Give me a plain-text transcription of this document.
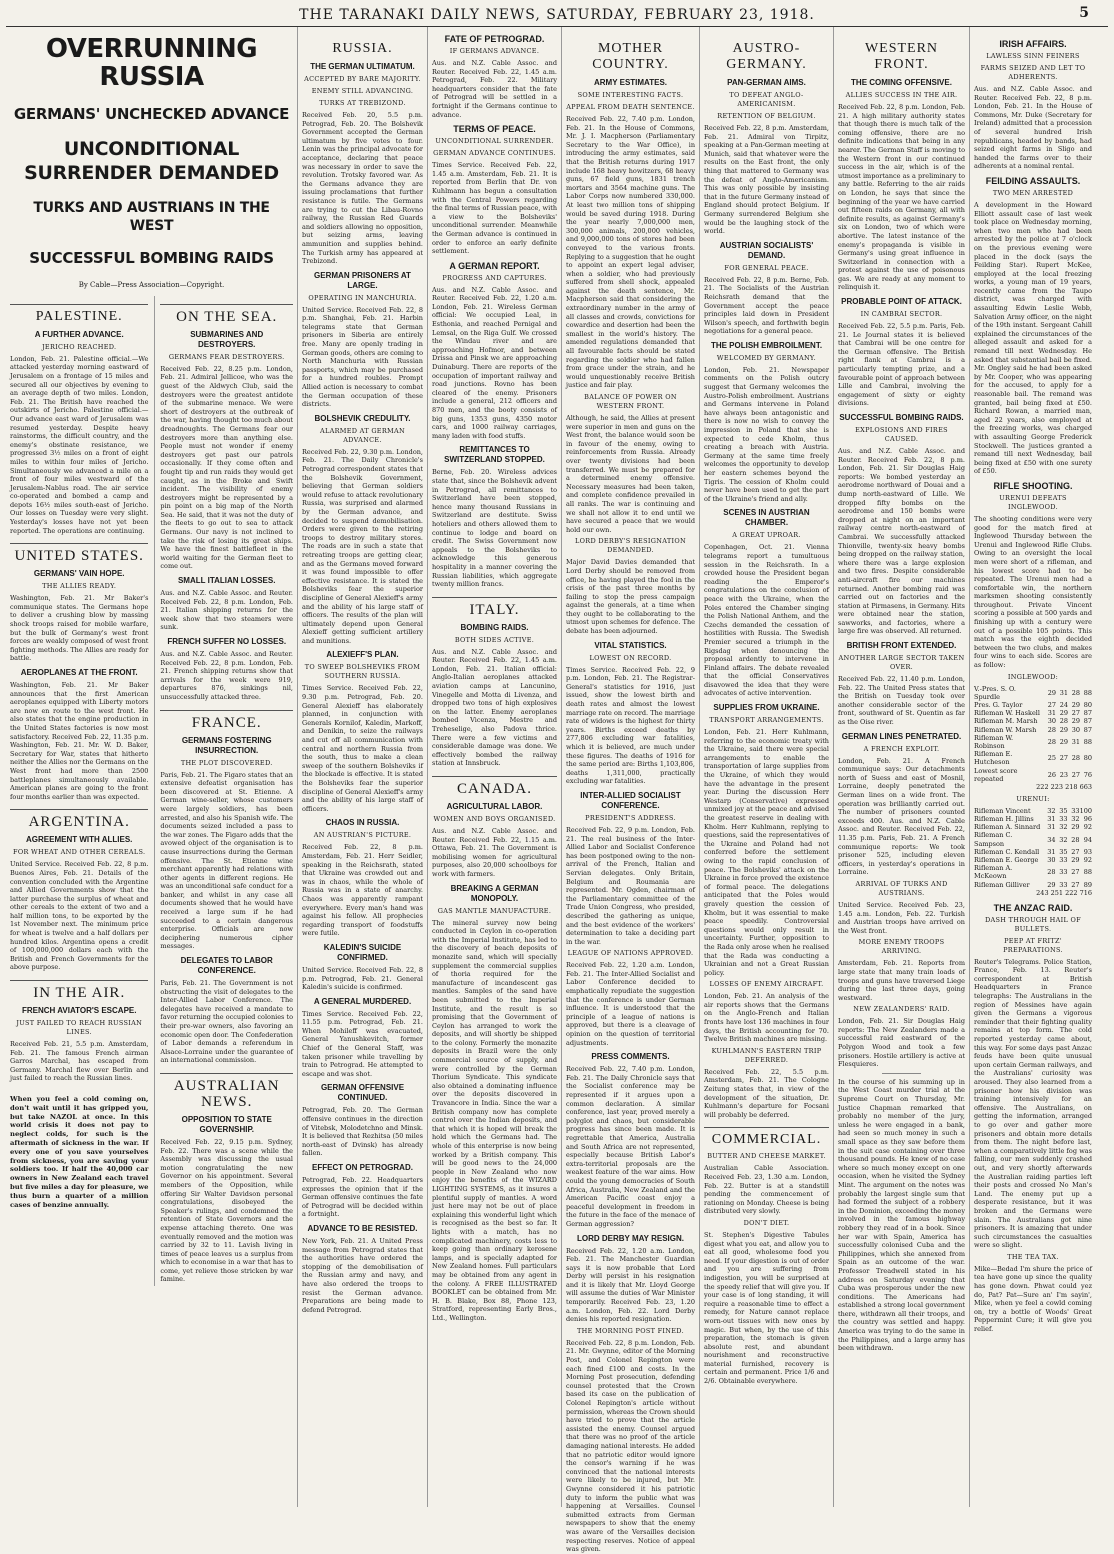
THE TARANAKI DAILY NEWS, SATURDAY, FEBRUARY 23, 1918.	5
OVERRUNNING RUSSIA
GERMANS' UNCHECKED ADVANCE
UNCONDITIONAL SURRENDER DEMANDED
TURKS AND AUSTRIANS IN THE WEST
SUCCESSFUL BOMBING RAIDS
By Cable—Press Association—Copyright.
PALESTINE.
A FURTHER ADVANCE.
JERICHO REACHED.
London, Feb. 21. Palestine official.—We attacked yesterday morning eastward of Jerusalem on a frontage of 15 miles and secured all our objectives by evening to an average depth of two miles. London, Feb. 21. The British have reached the outskirts of Jericho. Palestine official.—Our advance east ward of Jerusalem was resumed yesterday. Despite heavy rainstorms, the difficult country, and the enemy's obstinate resistance, we progressed 3½ miles on a front of eight miles to within four miles of Jericho. Simultaneously we advanced a mile on a front of four miles westward of the Jerusalem-Nablus road. The air service co-operated and bombed a camp and depots 16½ miles south-east of Jericho. Our losses on Tuesday were very slight. Yesterday's losses have not yet been reported. The operations are continuing.
UNITED STATES.
GERMANS' VAIN HOPE.
THE ALLIES READY.
Washington, Feb. 21. Mr Baker's communique states. The Germans hope to deliver a crushing blow by massing shock troops raised for mobile warfare, but the bulk of Germany's west front forces are weakly composed of west front fighting methods. The Allies are ready for battle.
AEROPLANES AT THE FRONT.
Washington, Feb. 21. Mr Baker announces that the first American aeroplanes equipped with Liberty motors are now en route to the west front. He also states that the engine production in the United States factories is now most satisfactory. Received Feb. 22, 11.35 p.m. Washington, Feb. 21. Mr. W. D. Baker, Secretary for War, states that hitherto neither the Allies nor the Germans on the West front had more than 2500 battleplanes simultaneously available. American planes are going to the front four months earlier than was expected.
ARGENTINA.
AGREEMENT WITH ALLIES.
FOR WHEAT AND OTHER CEREALS.
United Service. Received Feb. 22, 8 p.m. Buenos Aires, Feb. 21. Details of the convention concluded with the Argentine and Allied Governments show that the latter purchase the surplus of wheat and other cereals to the extent of two and a half million tons, to be exported by the 1st November next. The minimum price for wheat is twelve and a half dollars per hundred kilos. Argentina opens a credit of 100,000,000 dollars each with the British and French Governments for the above purpose.
IN THE AIR.
FRENCH AVIATOR'S ESCAPE.
JUST FAILED TO REACH RUSSIAN LINES.
Received Feb. 21, 5.5 p.m. Amsterdam, Feb. 21. The famous French airman Garros Marchal, has escaped from Germany. Marchal flew over Berlin and just failed to reach the Russian lines.
When you feel a cold coming on, don't wait until it has gripped you, but take NAZOL at once. In this world crisis it does not pay to neglect colds, for such is the aftermath of sickness in the war. If every one of you save yourselves from sickness, you are saving your soldiers too. If half the 40,000 car owners in New Zealand each travel but five miles a day for pleasure, we thus burn a quarter of a million cases of benzine annually.
ON THE SEA.
SUBMARINES AND DESTROYERS.
GERMANS FEAR DESTROYERS.
Received Feb. 22, 8.25 p.m. London, Feb. 21. Admiral Jellicoe, who was the guest of the Aldwych Club, said the destroyers were the greatest antidote of the submarine menace. We were short of destroyers at the outbreak of the war, having thought too much about dreadnoughts. The Germans fear our destroyers more than anything else. People must not wonder if enemy destroyers get past our patrols occasionally. If they come often and fought tip and run raids they would get caught, as in the Broke and Swift incident. The visibility of enemy destroyers might be represented by a pin point on a big map of the North Sea. He said, that it was not the duty of the fleets to go out to sea to attack Germans. Our navy is not inclined to take the risk of losing its great ships. We have the finest battlefleet in the world waiting for the German fleet to come out.
SMALL ITALIAN LOSSES.
Aus. and N.Z. Cable Assoc. and Reuter. Received Feb. 22, 8 p.m. London, Feb. 21. Italian shipping returns for the week show that two steamers were sunk.
FRENCH SUFFER NO LOSSES.
Aus. and N.Z. Cable Assoc. and Reuter. Received Feb. 22, 8 p.m. London, Feb. 21. French shipping returns show that arrivals for the week were 919, departures 876, sinkings nil, unsuccessfully attacked three.
FRANCE.
GERMANS FOSTERING INSURRECTION.
THE PLOT DISCOVERED.
Paris, Feb. 21. The Figaro states that an extensive defeatist organisation has been discovered at St. Etienne. A German wine-seller, whose customers were largely soldiers, has been arrested, and also his Spanish wife. The documents seized included a pass to the war zones. The Figaro adds that the avowed object of the organisation is to cause insurrections during the German offensive. The St. Etienne wine merchant apparently had relations with other agents in different regions. He was an unconditional safe conduct for a banker, and whilst in any case all documents showed that he would have received a large sum if he had succeeded to a certain dangerous enterprise. Officials are now deciphering numerous cipher messages.
DELEGATES TO LABOR CONFERENCE.
Paris, Feb. 21. The Government is not obstructing the visit of delegates to the Inter-Allied Labor Conference. The delegates have received a mandate to favor returning the occupied colonies to their pre-war owners, also favoring an economic open door. The Confederation of Labor demands a referendum in Alsace-Lorraine under the guarantee of an international commission.
AUSTRALIAN NEWS.
OPPOSITION TO STATE GOVERNSHIP.
Received Feb. 22, 9.15 p.m. Sydney, Feb. 22. There was a scene while the Assembly was discussing the usual motion congratulating the new Governor on his appointment. Several members of the Opposition, while offering Sir Walter Davidson personal congratulations, disobeyed the Speaker's rulings, and condemned the retention of State Governors and the expense attaching thereto. One was eventually removed and the motion was carried by 32 to 11. Lavish living in times of peace leaves us a surplus from which to economise in a war that has to come, yet relieve those stricken by war famine.
RUSSIA.
THE GERMAN ULTIMATUM.
ACCEPTED BY BARE MAJORITY.
ENEMY STILL ADVANCING.
TURKS AT TREBIZOND.
Received Feb. 20, 5.5 p.m. Petrograd, Feb. 20. The Bolshevik Government accepted the German ultimatum by five votes to four. Lenin was the principal advocate for acceptance, declaring that peace was necessary in order to save the revolution. Trotsky favored war. As the Germans advance they are issuing proclamations that further resistance is futile. The Germans are trying to cut the Libau-Rovno railway, the Russian Red Guards and soldiers allowing no opposition, but seizing arms, leaving ammunition and supplies behind. The Turkish army has appeared at Trebizond.
GERMAN PRISONERS AT LARGE.
OPERATING IN MANCHURIA.
United Service. Received Feb. 22, 8 p.m. Shanghai, Feb. 21. Harbin telegrams state that German prisoners in Siberia are entirely free. Many are openly trading in German goods, others are coming to North Manchuria with Russian passports, which may be purchased for a hundred roubles. Prompt Allied action is necessary to combat the German occupation of these districts.
BOLSHEVIK CREDULITY.
ALARMED AT GERMAN ADVANCE.
Received Feb. 22, 9.30 p.m. London, Feb. 21. The Daily Chronicle's Petrograd correspondent states that the Bolshevik Government, believing that German soldiers would refuse to attack revolutionary Russia, was surprised and alarmed by the German advance, and decided to suspend demobilisation. Orders were given to the retiring troops to destroy military stores. The roads are in such a state that retreating troops are getting clear, and as the Germans moved forward it was found impossible to offer effective resistance. It is stated the Bolsheviks fear the superior discipline of General Alexieff's army and the ability of his large staff of officers. The results of the plan will ultimately depend upon General Alexieff getting sufficient artillery and munitions.
ALEXIEFF'S PLAN.
TO SWEEP BOLSHEVIKS FROM SOUTHERN RUSSIA.
Times Service. Received Feb. 22, 9.30 p.m. Petrograd, Feb. 20. General Alexieff has elaborately planned, in conjunction with Generals Kornilof, Kaledin, Markoff, and Denikin, to seize the railways and cut off all communication with central and northern Russia from the south, thus to make a clean sweep of the southern Bolsheviks if the blockade is effective. It is stated the Bolsheviks fear the superior discipline of General Alexieff's army and the ability of his large staff of officers.
CHAOS IN RUSSIA.
AN AUSTRIAN'S PICTURE.
Received Feb. 22, 8 p.m. Amsterdam, Feb. 21. Herr Seidler, speaking in the Reichsrath, stated that Ukraine was crowded out and was in chaos, while the whole of Russia was in a state of anarchy. Chaos was apparently rampant everywhere. Every man's hand was against his fellow. All prophecies regarding transport of foodstuffs were futile.
KALEDIN'S SUICIDE CONFIRMED.
United Service. Received Feb. 22, 8 p.m. Petrograd, Feb. 21. General Kaledin's suicide is confirmed.
A GENERAL MURDERED.
Times Service. Received Feb. 22, 11.55 p.m. Petrograd, Feb. 21. When Mohileff was evacuated, General Yanushkevitch, former Chief of the General Staff, was taken prisoner while travelling by train to Petrograd. He attempted to escape and was shot.
GERMAN OFFENSIVE CONTINUED.
Petrograd, Feb. 20. The German offensive continues in the direction of Vitebsk, Molodetchno and Minsk. It is believed that Rezhitsa (50 miles north-east of Dvinsk) has already fallen.
EFFECT ON PETROGRAD.
Petrograd, Feb. 22. Headquarters expresses the opinion that if the German offensive continues the fate of Petrograd will be decided within a fortnight.
ADVANCE TO BE RESISTED.
New York, Feb. 21. A United Press message from Petrograd states that the authorities have ordered the stopping of the demobilisation of the Russian army and navy, and have also ordered the troops to resist the German advance. Preparations are being made to defend Petrograd.
FATE OF PETROGRAD.
IF GERMANS ADVANCE.
Aus. and N.Z. Cable Assoc. and Reuter. Received Feb. 22, 1.45 a.m. Petrograd, Feb. 22. Military headquarters consider that the fate of Petrograd will be settled in a fortnight if the Germans continue to advance.
TERMS OF PEACE.
UNCONDITIONAL SURRENDER.
GERMAN ADVANCE CONTINUES.
Times Service. Received Feb. 22, 1.45 a.m. Amsterdam, Feb. 21. It is reported from Berlin that Dr. von Kuhlmann has begun a consultation with the Central Powers regarding the final terms of Russian peace, with a view to the Bolsheviks' unconditional surrender. Meanwhile the German advance is continued in order to enforce an early definite settlement.
A GERMAN REPORT.
PROGRESS AND CAPTURES.
Aus. and N.Z. Cable Assoc. and Reuter. Received Feb. 22, 1.20 a.m. London, Feb. 21. Wireless German official: We occupied Leal, in Esthonia, and reached Pernigal and Lemsal, on the Riga Gulf. We crossed the Windau river and are approaching Hofmor, and between Drissa and Pinsk we are approaching Duinaburg. There are reports of the occupation of important railway and road junctions. Rovno has been cleared of the enemy. Prisoners include a general, 212 officers and 870 men, and the booty consists of big guns, 1353 guns, 4350 motor cars, and 1000 railway carriages, many laden with food stuffs.
REMITTANCES TO SWITZERLAND STOPPED.
Berne, Feb. 20. Wireless advices state that, since the Bolshevik advent in Petrograd, all remittances to Switzerland have been stopped, hence many thousand Russians in Switzerland are destitute. Swiss hoteliers and others allowed them to continue to lodge and board on credit. The Swiss Government now appeals to the Bolsheviks to acknowledge this generous hospitality in a manner covering the Russian liabilities, which aggregate twenty million francs.
ITALY.
BOMBING RAIDS.
BOTH SIDES ACTIVE.
Aus. and N.Z. Cable Assoc. and Reuter. Received Feb. 22, 1.45 a.m. London, Feb. 21. Italian official: Anglo-Italian aeroplanes attacked aviation camps at Lancunino, Vinegelle and Motta di Livenza, and dropped two tons of high explosives on the latter. Enemy aeroplanes bombed Vicenza, Mestre and Treheselige, also Padova thrice. There were a few victims and considerable damage was done. We effectively bombed the railway station at Innsbruck.
CANADA.
AGRICULTURAL LABOR.
WOMEN AND BOYS ORGANISED.
Aus. and N.Z. Cable Assoc. and Reuter. Received Feb. 22, 1.15 a.m. Ottawa, Feb. 21. The Government is mobilising women for agricultural purposes, also 20,000 schoolboys for work with farmers.
BREAKING A GERMAN MONOPOLY.
GAS MANTLE MANUFACTURE.
The mineral survey now being conducted in Ceylon in co-operation with the Imperial Institute, has led to the discovery of beach deposits of monazite sand, which will specially supplement the commercial supplies of thoria required for the manufacture of incandescent gas mantles. Samples of the sand have been submitted to the Imperial Institute, and the result is so promising that the Government of Ceylon has arranged to work the deposits, and will shortly be shipped to the colony. Formerly the monazite deposits in Brazil were the only commercial source of supply, and were controlled by the German Thorium Syndicate. This syndicate also obtained a dominating influence over the deposits discovered in Travancore in India. Since the war a British company now has complete control over the Indian deposits, and that which it is hoped will break the hold which the Germans had. The whole of this enterprise is now being worked by a British company. This will be good news to the 24,000 people in New Zealand who now enjoy the benefits of the WIZARD LIGHTING SYSTEMS, as it insures a plentiful supply of mantles. A word just here may not be out of place explaining this wonderful light which is recognised as the best so far. It lights with a match, has no complicated machinery, costs less to keep going than ordinary kerosene lamps, and is specially adapted for New Zealand homes. Full particulars may be obtained from any agent in the colony. A FREE ILLUSTRATED BOOKLET can be obtained from Mr. H. B. Blake, Box 88, Phone 123, Stratford, representing Early Bros., Ltd., Wellington.
MOTHER COUNTRY.
ARMY ESTIMATES.
SOME INTERESTING FACTS.
APPEAL FROM DEATH SENTENCE.
Received Feb. 22, 7.40 p.m. London, Feb. 21. In the House of Commons, Mr. J. I. Macpherson (Parliamentary Secretary to the War Office), in introducing the army estimates, said that the British returns during 1917 include 168 heavy howitzers, 68 heavy guns, 67 field guns, 1831 trench mortars and 3564 machine guns. The Labor Corps now numbered 330,000. At least two million tons of shipping would be saved during 1918. During the year nearly 7,000,000 men, 300,000 animals, 200,000 vehicles, and 9,000,000 tons of stores had been conveyed to the various fronts. Replying to a suggestion that he ought to appoint an expert legal adviser, when a soldier, who had previously suffered from shell shock, appealed against the death sentence, Mr. Macpherson said that considering the extraordinary number in the army of all classes and crowds, convictions for cowardice and desertion had been the smallest in the world's history. The amended regulations demanded that all favourable facts should be stated regarding the soldier who had fallen from grace under the strain, and he would unquestionably receive British justice and fair play.
BALANCE OF POWER ON WESTERN FRONT.
Although, he said, the Allies at present were superior in men and guns on the West front, the balance would soon be in favour of the enemy, owing to reinforcements from Russia. Already over twenty divisions had been transferred. We must be prepared for a determined enemy offensive. Necessary measures had been taken, and complete confidence prevailed in all ranks. The war is continuing and we shall not allow it to end until we have secured a peace that we would hold our own.
LORD DERBY'S RESIGNATION DEMANDED.
Major David Davies demanded that Lord Derby should be removed from office, he having played the fool in the crisis of the past three months by failing to stop the press campaign against the generals, at a time when they ought to be collaborating to the utmost upon schemes for defence. The debate has been adjourned.
VITAL STATISTICS.
LOWEST ON RECORD.
Times Service. Received Feb. 22, 9 p.m. London, Feb. 21. The Registrar-General's statistics for 1916, just issued, show the lowest birth and death rates and almost the lowest marriage rate on record. The marriage rate of widows is the highest for thirty years. Births exceed deaths by 277,806 excluding war fatalities, which it is believed, are much under these figures. The deaths of 1916 for the same period are: Births 1,103,806, deaths 1,311,000, practically excluding war fatalities.
INTER-ALLIED SOCIALIST CONFERENCE.
PRESIDENT'S ADDRESS.
Received Feb. 22, 9 p.m. London, Feb. 21. The real business of the Inter-Allied Labor and Socialist Conference has been postponed owing to the non-arrival of the French, Italian and Servian delegates. Only Britain, Belgium and Roumania are represented. Mr. Ogden, chairman of the Parliamentary committee of the Trade Union Congress, who presided, described the gathering as unique, and the best evidence of the workers' determination to take a deciding part in the war.
LEAGUE OF NATIONS APPROVED.
Received Feb. 22, 1.20 a.m. London, Feb. 21. The Inter-Allied Socialist and Labor Conference decided to emphatically repudiate the suggestion that the conference is under German influence. It is understood that the principle of a league of nations is approved, but there is a cleavage of opinion on the question of territorial adjustments.
PRESS COMMENTS.
Received Feb. 22, 7.40 p.m. London, Feb. 21. The Daily Chronicle says that the Socialist conference may be represented if it argues upon a common declaration. A similar conference, last year, proved merely a polyglot and chaos, but considerable progress has since been made. It is regrettable that America, Australia and South Africa are not represented, especially because British Labor's extra-territorial proposals are the weakest feature of the war aims. How could the young democracies of South Africa, Australia, New Zealand and the American Pacific coast enjoy a peaceful development in freedom in the future in the face of the menace of German aggression?
LORD DERBY MAY RESIGN.
Received Feb. 22, 1.20 a.m. London, Feb. 21. The Manchester Guardian says it is now probable that Lord Derby will persist in his resignation and it is likely that Mr. Lloyd George will assume the duties of War Minister temporarily. Received Feb. 23, 1.20 a.m. London, Feb. 22. Lord Derby denies his reported resignation.
THE MORNING POST FINED.
Received Feb. 22, 8 p.m. London, Feb. 21. Mr. Gwynne, editor of the Morning Post, and Colonel Repington were each fined £100 and costs. In the Morning Post prosecution, defending counsel protested that the Crown based its case on the publication of Colonel Repington's article without permission, whereas the Crown should have tried to prove that the article assisted the enemy. Counsel argued that there was no proof of the article damaging national interests. He added that no patriotic editor would ignore the censor's warning if he was convinced that the national interests were likely to be injured, but Mr. Gwynne considered it his patriotic duty to inform the public what was happening at Versailles. Counsel submitted extracts from German newspapers to show that the enemy was aware of the Versailles decision respecting reserves. Notice of appeal was given.
AUSTRO-GERMANY.
PAN-GERMAN AIMS.
TO DEFEAT ANGLO-AMERICANISM.
RETENTION OF BELGIUM.
Received Feb. 22, 8 p.m. Amsterdam, Feb. 21. Admiral von Tirpitz, speaking at a Pan-German meeting at Munich, said that whatever were the results on the East front, the only thing that mattered to Germany was the defeat of Anglo-Americanism. This was only possible by insisting that in the future Germany instead of England should protect Belgium. If Germany surrendered Belgium she would be the laughing stock of the world.
AUSTRIAN SOCIALISTS' DEMAND.
FOR GENERAL PEACE.
Received Feb. 22, 8 p.m. Berne, Feb. 21. The Socialists of the Austrian Reichsrath demand that the Government accept the peace principles laid down in President Wilson's speech, and forthwith begin negotiations for a general peace.
THE POLISH EMBROILMENT.
WELCOMED BY GERMANY.
London, Feb. 21. Newspaper comments on the Polish outcry suggest that Germany welcomes the Austro-Polish embroilment. Austrians and Germans intervene in Poland have always been antagonistic and there is now no wish to convey the impression in Poland that she is expected to cede Kholm, thus creating a breach with Austria. Germany at the same time freely welcomes the opportunity to develop her eastern schemes beyond the Tigris. The cession of Kholm could never have been used to get the part of the Ukraine's friend and ally.
SCENES IN AUSTRIAN CHAMBER.
A GREAT UPROAR.
Copenhagen, Oct. 21. Vienna telegrams report a tumultuous session in the Reichsrath. In a crowded house the President began reading the Emperor's congratulations on the conclusion of peace with the Ukraine, when the Poles entered the Chamber singing the Polish National Anthem, and the Czechs demanded the cessation of hostilities with Russia. The Swedish Premier secured a triumph in the Rigsdag when denouncing the proposal ardently to intervene in Finland affairs. The debate revealed that the official Conservatives disavowed the idea that they were advocates of active intervention.
SUPPLIES FROM UKRAINE.
TRANSPORT ARRANGEMENTS.
London, Feb. 21. Herr Kuhlmann, referring to the economic treaty with the Ukraine, said there were special arrangements to enable the transportation of large supplies from the Ukraine, of which they would have the advantage in the present year. During the discussion Herr Westarp (Conservative) expressed unmixed joy at the peace and advised the greatest reserve in dealing with Kholm. Herr Kuhlmann, replying to questions, said the representatives of the Ukraine and Poland had not conferred before the settlement owing to the rapid conclusion of peace. The Bolsheviks' attack on the Ukraine in force proved the existence of formal peace. The delegations anticipated that the Poles would gravely question the cession of Kholm, but it was essential to make peace speedily. Controversial questions would only result in uncertainty. Further, opposition to the Rada only arose when he realised that the Rada was conducting a Ukrainian and not a Great Russian policy.
LOSSES OF ENEMY AIRCRAFT.
London, Feb. 21. An analysis of the air reports shows that the Germans on the Anglo-French and Italian fronts have lost 136 machines in four days, the British accounting for 70. Twelve British machines are missing.
KUHLMANN'S EASTERN TRIP DEFERRED.
Received Feb. 22, 5.5 p.m. Amsterdam, Feb. 21. The Cologne Zeitung states that, in view of the development of the situation, Dr. Kuhlmann's departure for Focsani will probably be deferred.
COMMERCIAL.
BUTTER AND CHEESE MARKET.
Australian Cable Association. Received Feb. 23, 1.30 a.m. London, Feb. 22. Butter is at a standstill pending the commencement of rationing on Monday. Cheese is being distributed very slowly.
DON'T DIET.
St. Stephen's Digestive Tabules digest what you eat, and allow you to eat all good, wholesome food you need. If your digestion is out of order and you are suffering from indigestion, you will be surprised at the speedy relief that will give you. If your case is of long standing, it will require a reasonable time to effect a remedy, for Nature cannot replace worn-out tissues with new ones by magic. But when, by the use of this preparation, the stomach is given absolute rest, and abundant nourishment and reconstructive material furnished, recovery is certain and permanent. Price 1/6 and 2/6. Obtainable everywhere.
WESTERN FRONT.
THE COMING OFFENSIVE.
ALLIES SUCCESS IN THE AIR.
Received Feb. 22, 8 p.m. London, Feb. 21. A high military authority states that though there is much talk of the coming offensive, there are no definite indications that being in any nearer. The German Staff is moving to the Western front in our continued success in the air, which is of the utmost importance as a preliminary to any battle. Referring to the air raids on London, he says that since the beginning of the year we have carried out fifteen raids on Germany, all with definite results, as against Germany's six on London, two of which were abortive. The latest instance of the enemy's propaganda is visible in Germany's using great influence in Switzerland in connection with a protest against the use of poisonous gas. We are ready at any moment to relinquish it.
PROBABLE POINT OF ATTACK.
IN CAMBRAI SECTOR.
Received Feb. 22, 5.5 p.m. Paris, Feb. 21. Le Journal states it is believed that Cambrai will be one centre for the German offensive. The British right flank at Cambrai is a particularly tempting prize, and a favourable point of approach between Lille and Cambrai, involving the engagement of sixty or eighty divisions.
SUCCESSFUL BOMBING RAIDS.
EXPLOSIONS AND FIRES CAUSED.
Aus. and N.Z. Cable Assoc. and Reuter. Received Feb. 22, 8 p.m. London, Feb. 21. Sir Douglas Haig reports: We bombed yesterday an aerodrome northward of Douai and a dump north-eastward of Lille. We dropped fifty bombs on the aerodrome and 150 bombs were dropped at night on an important railway centre north-eastward of Cambrai. We successfully attacked Thionville, twenty-six heavy bombs being dropped on the railway station, where there was a large explosion and two fires. Despite considerable anti-aircraft fire our machines returned. Another bombing raid was carried out on factories and the station at Pirmasens, in Germany. Hits were obtained near the station, sawworks, and factories, where a large fire was observed. All returned.
BRITISH FRONT EXTENDED.
ANOTHER LARGE SECTOR TAKEN OVER.
Received Feb. 22, 11.40 p.m. London, Feb. 22. The United Press states that the British on Tuesday took over another considerable sector of the front, southward of St. Quentin as far as the Oise river.
GERMAN LINES PENETRATED.
A FRENCH EXPLOIT.
London, Feb. 21. A French communique says: Our detachments north of Suess and east of Mosnil, Lorraine, deeply penetrated the German lines on a wide front. The operation was brilliantly carried out. The number of prisoners counted exceeds 400. Aus. and N.Z. Cable Assoc. and Reuter. Received Feb. 22, 11.35 p.m. Paris, Feb. 21. A French communique reports: We took prisoner 525, including eleven officers, in yesterday's operations in Lorraine.
ARRIVAL OF TURKS AND AUSTRIANS.
United Service. Received Feb. 23, 1.45 a.m. London, Feb. 22. Turkish and Austrian troops have arrived on the West front.
MORE ENEMY TROOPS ARRIVING.
Amsterdam, Feb. 21. Reports from large state that many train loads of troops and guns have traversed Liege during the last three days, going westward.
NEW ZEALANDERS' RAID.
London, Feb. 21. Sir Douglas Haig reports: The New Zealanders made a successful raid eastward of the Polygon Wood and took a few prisoners. Hostile artillery is active at Flesquieres.
In the course of his summing up in the West Coast murder trial at the Supreme Court on Thursday, Mr. Justice Chapman remarked that probably no member of the jury, unless he were engaged in a bank, had seen so much money in such a small space as they saw before them in the suit case containing over three thousand pounds. He knew of no case where so much money except on one occasion, when he visited the Sydney Mint. The argument on the notes was probably the largest single sum that had formed the subject of a robbery in the Dominion, exceeding the money involved in the famous highway robbery they read of in a book. Since her war with Spain, America has successfully colonised Cuba and the Philippines, which she annexed from Spain as an outcome of the war. Professor Treadwell stated in his address on Saturday evening that Cuba was prosperous under the new conditions. The Americans had established a strong local government there, withdrawn all their troops, and the country was settled and happy. America was trying to do the same in the Philippines, and a large army has been withdrawn.
IRISH AFFAIRS.
LAWLESS SINN FEINERS
FARMS SEIZED AND LET TO ADHERENTS.
Aus. and N.Z. Cable Assoc. and Reuter. Received Feb. 22, 8 p.m. London, Feb. 21. In the House of Commons, Mr. Duke (Secretary for Ireland) admitted that a procession of several hundred Irish republicans, headed by bands, had seized eight farms in Sligo and handed the farms over to their adherents at a nominal rental.
FEILDING ASSAULTS.
TWO MEN ARRESTED
A development in the Howard Elliott assault case of last week took place on Wednesday morning, when two men who had been arrested by the police at 7 o'clock on the previous evening were placed in the dock (says the Feilding Star). Rupert McKee, employed at the local freezing works, a young man of 19 years, recently came from the Taupo district, was charged with assaulting Edwin Leslie Webb, Salvation Army officer, on the night of the 19th instant. Sergeant Cahill explained the circumstances of the alleged assault and asked for a remand till next Wednesday. He asked that substantial bail be fixed. Mr. Ongley said he had been asked by Mr. Cooper, who was appearing for the accused, to apply for a reasonable bail. The remand was granted, bail being fixed at £50. Richard Rowan, a married man, aged 22 years, also employed at the freezing works, was charged with assaulting George Frederick Stockwell. The justices granted a remand till next Wednesday, bail being fixed at £50 with one surety of £50.
RIFLE SHOOTING.
URENUI DEFEATS INGLEWOOD.
The shooting conditions were very good for the match fired at Inglewood Thursday between the Urenui and Inglewood Rifle Clubs. Owing to an oversight the local men were short of a rifleman, and his lowest score had to be repeated. The Urenui men had a comfortable win, the northern marksmen shooting consistently throughout. Private Vincent scoring a possible at 500 yards and finishing up with a century were out of a possible 105 points. This match was the eighth decided between the two clubs, and makes four wins to each side. Scores are as follow:
INGLEWOOD:
V.-Pres. S. O. Spurdle	29	31	28	88
Pres. G. Taylor	27	24	29	80
Rifleman W. Haskell	31	29	27	87
Rifleman M. Marsh	30	28	29	87
Rifleman W. Marsh	28	29	30	87
Rifleman W. Robinson	28	29	31	88
Rifleman E. Hutcheson	25	27	28	80
Lowest score repeated	26	23	27	76
222 223 218 663
URENUI:
Rifleman Vincent	32	35	33	100
Rifleman H. Jillins	31	33	32	96
Rifleman A. Sinnard	31	32	29	92
Rifleman C. Sampson	34	32	28	94
Rifleman C. Kendall	31	35	27	93
Rifleman E. George	30	33	29	92
Rifleman A. McKeown	28	33	27	88
Rifleman Gilliver	29	33	27	89
243 251 222 716
THE ANZAC RAID.
DASH THROUGH HAIL OF BULLETS.
PEEP AT FRITZ' PREPARATIONS.
Reuter's Telegrams. Police Station, France, Feb. 13. Reuter's correspondent at British Headquarters in France telegraphs: The Australians in the region of Messines have again given the Germans a vigorous reminder that their fighting quality remains at top form. The cold reported yesterday came about, this way. For some days past Anzac feuds have been quite unusual upon certain German railways, and the Australians' curiosity was aroused. They also learned from a prisoner how his division was training intensively for an offensive. The Australians, on getting the information, arranged to go over and gather more prisoners and obtain more details from them. The night before last, when a comparatively little fog was falling, our men suddenly crashed out, and very shortly afterwards the Australian raiding parties left their posts and crossed No Man's Land. The enemy put up a desperate resistance, but it was broken and the Germans were slain. The Australians got nine prisoners. It is amazing that under such circumstances the casualties were so slight.
THE TEA TAX.
Mike—Bedad I'm shure the price of tea have gone up since the quality has gone down. Phwat could yez do, Pat? Pat—Sure an' I'm sayin', Mike, when ye feel a cowld coming on, try a bottle of Woods' Great Peppermint Cure; it will give you relief.
